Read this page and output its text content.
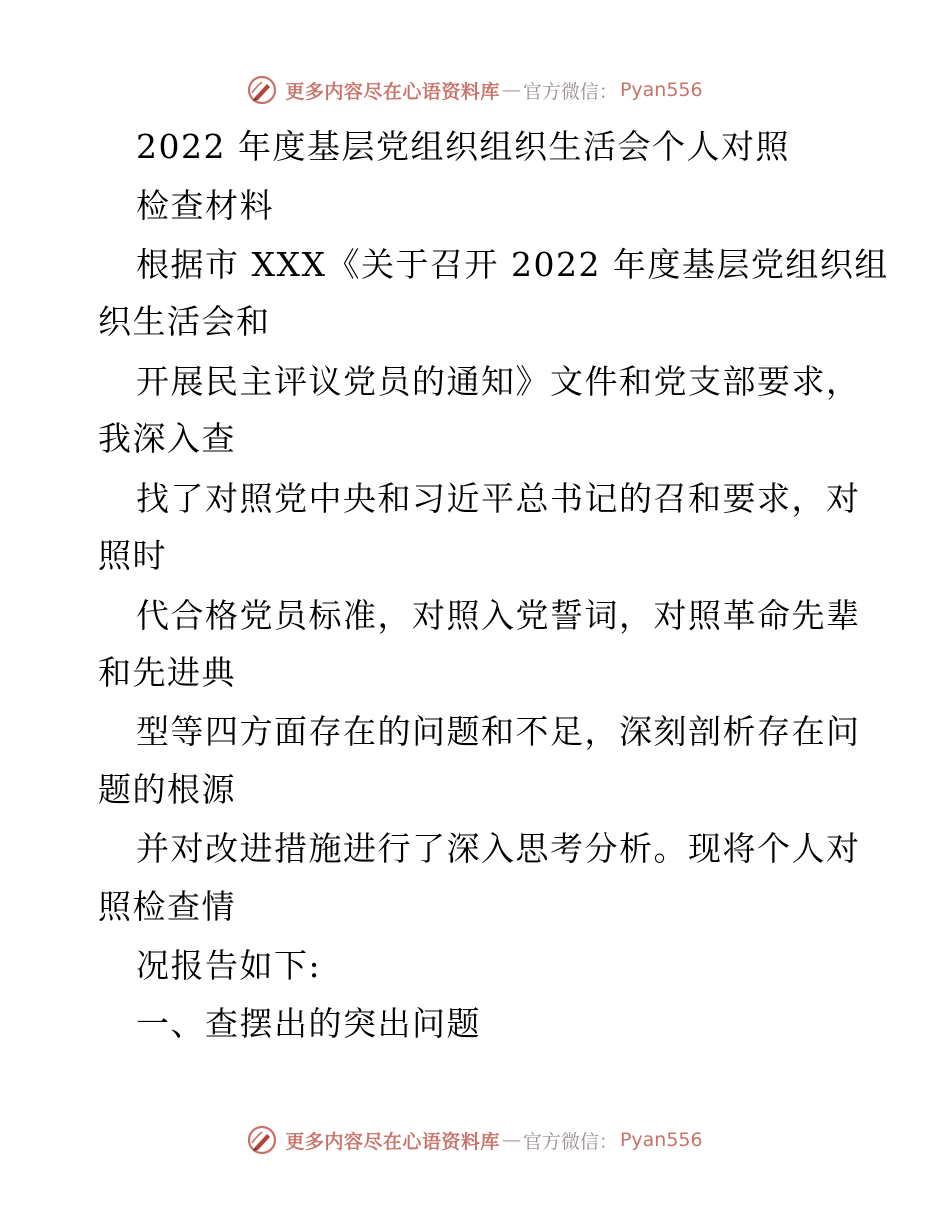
更多内容尽在心语资料库 — 官方微信： Pyan556

2022 年度基层党组织组织生活会个人对照

检查材料

根据市 XXX《关于召开 2022 年度基层党组织组

织生活会和

开展民主评议党员的通知》文件和党支部要求，

我深入查

找了对照党中央和习近平总书记的召和要求，对

照时

代合格党员标准，对照入党誓词，对照革命先辈

和先进典

型等四方面存在的问题和不足，深刻剖析存在问

题的根源

并对改进措施进行了深入思考分析。现将个人对

照检查情

况报告如下:

一、查摆出的突出问题

更多内容尽在心语资料库 — 官方微信： Pyan556
